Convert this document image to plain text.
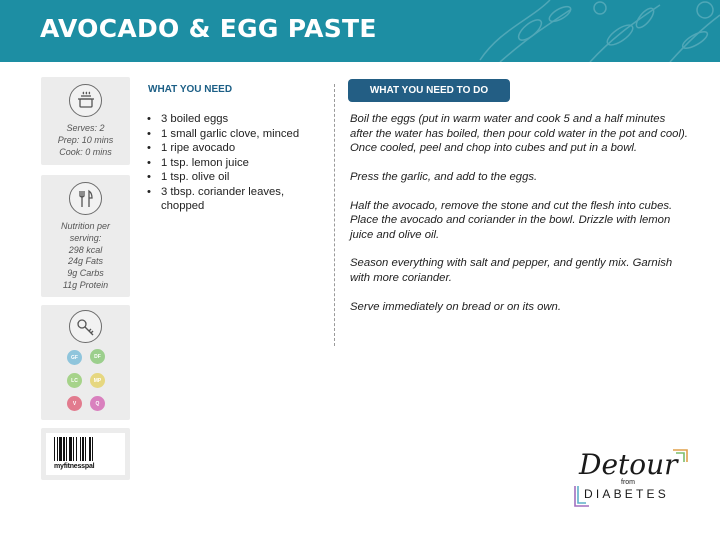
AVOCADO & EGG PASTE
Serves: 2
Prep: 10 mins
Cook: 0 mins
Nutrition per
serving:
298 kcal
24g Fats
9g Carbs
11g Protein
GF	DF
LC	MP
V	Q
myfitnesspal
WHAT YOU NEED
• 3 boiled eggs
• 1 small garlic clove, minced
• 1 ripe avocado
• 1 tsp. lemon juice
• 1 tsp. olive oil
• 3 tbsp. coriander leaves, chopped
WHAT YOU NEED TO DO

Boil the eggs (put in warm water and cook 5 and a half minutes after the water has boiled, then pour cold water in the pot and cool). Once cooled, peel and chop into cubes and put in a bowl.

Press the garlic, and add to the eggs.

Half the avocado, remove the stone and cut the flesh into cubes. Place the avocado and coriander in the bowl. Drizzle with lemon juice and olive oil.

Season everything with salt and pepper, and gently mix. Garnish with more coriander.

Serve immediately on bread or on its own.

Detour
from
DIABETES
